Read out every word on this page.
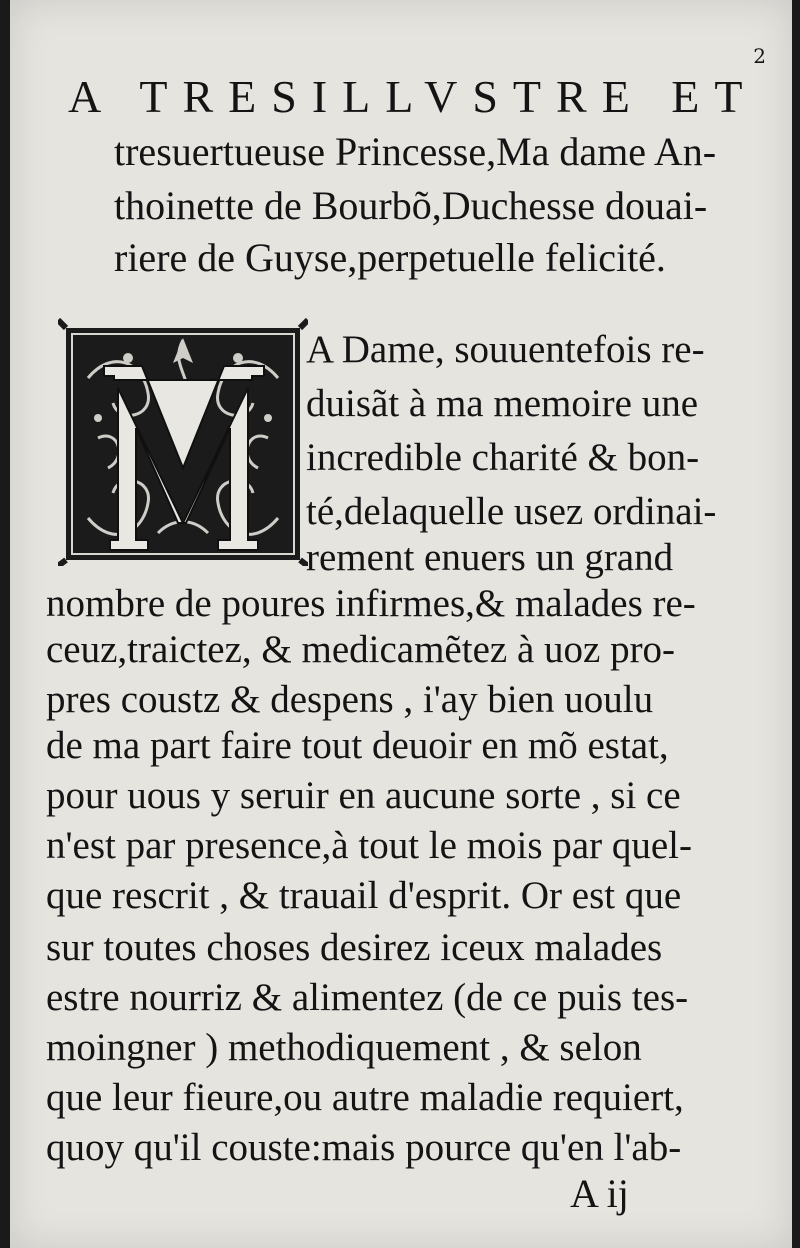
2
A TRESILLVSTRE ET
tresuertueuse Princesse,Ma dame An-
thoinette de Bourbõ,Duchesse douai-
riere de Guyse,perpetuelle felicité.
A Dame, souuentefois re-
duisãt à ma memoire une
incredible charité & bon-
té,delaquelle usez ordinai-
rement enuers un grand
nombre de poures infirmes,& malades re-
ceuz,traictez, & medicamẽtez à uoz pro-
pres coustz & despens , i'ay bien uoulu
de ma part faire tout deuoir en mõ estat,
pour uous y seruir en aucune sorte , si ce
n'est par presence,à tout le mois par quel-
que rescrit , & trauail d'esprit. Or est que
sur toutes choses desirez iceux malades
estre nourriz & alimentez (de ce puis tes-
moingner ) methodiquement , & selon
que leur fieure,ou autre maladie requiert,
quoy qu'il couste:mais pource qu'en l'ab-
A ij
